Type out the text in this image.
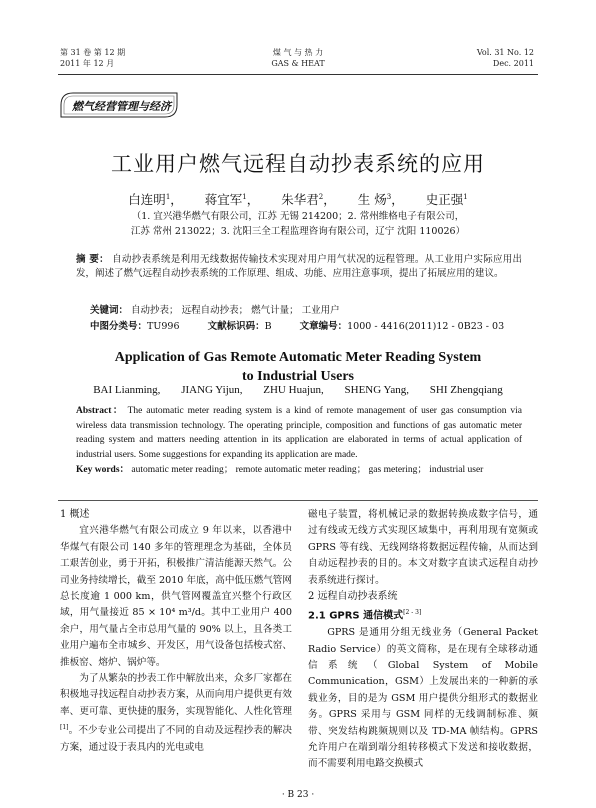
第 31 卷 第 12 期
2011 年 12 月
煤 气 与 热 力
GAS & HEAT
Vol. 31 No. 12
Dec. 2011
燃气经营管理与经济
工业用户燃气远程自动抄表系统的应用
白连明$^1$， 蒋宜军$^1$， 朱华君$^2$， 生 炀$^3$， 史正强$^1$
（1. 宜兴港华燃气有限公司，江苏 无锡 214200；2. 常州维格电子有限公司，
江苏 常州 213022；3. 沈阳三全工程监理咨询有限公司，辽宁 沈阳 110026）
摘 要： 自动抄表系统是利用无线数据传输技术实现对用户用气状况的远程管理。从工业用户实际应用出发，阐述了燃气远程自动抄表系统的工作原理、组成、功能、应用注意事项，提出了拓展应用的建议。
关键词： 自动抄表； 远程自动抄表； 燃气计量； 工业用户
中图分类号：TU996	文献标识码：B	文章编号：1000 - 4416(2011)12 - 0B23 - 03
Application of Gas Remote Automatic Meter Reading System
to Industrial Users
BAI Lianming, JIANG Yijun, ZHU Huajun, SHENG Yang, SHI Zhengqiang
Abstract： The automatic meter reading system is a kind of remote management of user gas consumption via wireless data transmission technology. The operating principle, composition and functions of gas automatic meter reading system and matters needing attention in its application are elaborated in terms of actual application of industrial users. Some suggestions for expanding its application are made.
Key words： automatic meter reading； remote automatic meter reading； gas metering； industrial user

1 概述

宜兴港华燃气有限公司成立 9 年以来，以香港中华煤气有限公司 140 多年的管理理念为基础，全体员工艰苦创业，勇于开拓，积极推广清洁能源天然气。公司业务持续增长，截至 2010 年底，高中低压燃气管网总长度逾 1 000 km，供气管网覆盖宜兴整个行政区域，用气量接近 85 × 10⁴ m³/d。其中工业用户 400 余户，用气量占全市总用气量的 90% 以上，且各类工业用户遍布全市城乡、开发区，用气设备包括梭式窑、推板窑、熔炉、锅炉等。

为了从繁杂的抄表工作中解放出来，众多厂家都在积极地寻找远程自动抄表方案，从而向用户提供更有效率、更可靠、更快捷的服务，实现智能化、人性化管理[1]。不少专业公司提出了不同的自动及远程抄表的解决方案，通过设于表具内的光电或电

磁电子装置，将机械记录的数据转换成数字信号，通过有线或无线方式实现区域集中，再利用现有宽频或 GPRS 等有线、无线网络将数据远程传输，从而达到自动远程抄表的目的。本文对数字直读式远程自动抄表系统进行探讨。

2 远程自动抄表系统

2.1 GPRS 通信模式[2 - 3]

GPRS 是通用分组无线业务（General Packet Radio Service）的英文简称，是在现有全球移动通信系统（Global System of Mobile Communication，GSM）上发展出来的一种新的承载业务，目的是为 GSM 用户提供分组形式的数据业务。GPRS 采用与 GSM 同样的无线调制标准、频带、突发结构跳频规则以及 TD-MA 帧结构。GPRS 允许用户在端到端分组转移模式下发送和接收数据，而不需要利用电路交换模式

· B 23 ·
